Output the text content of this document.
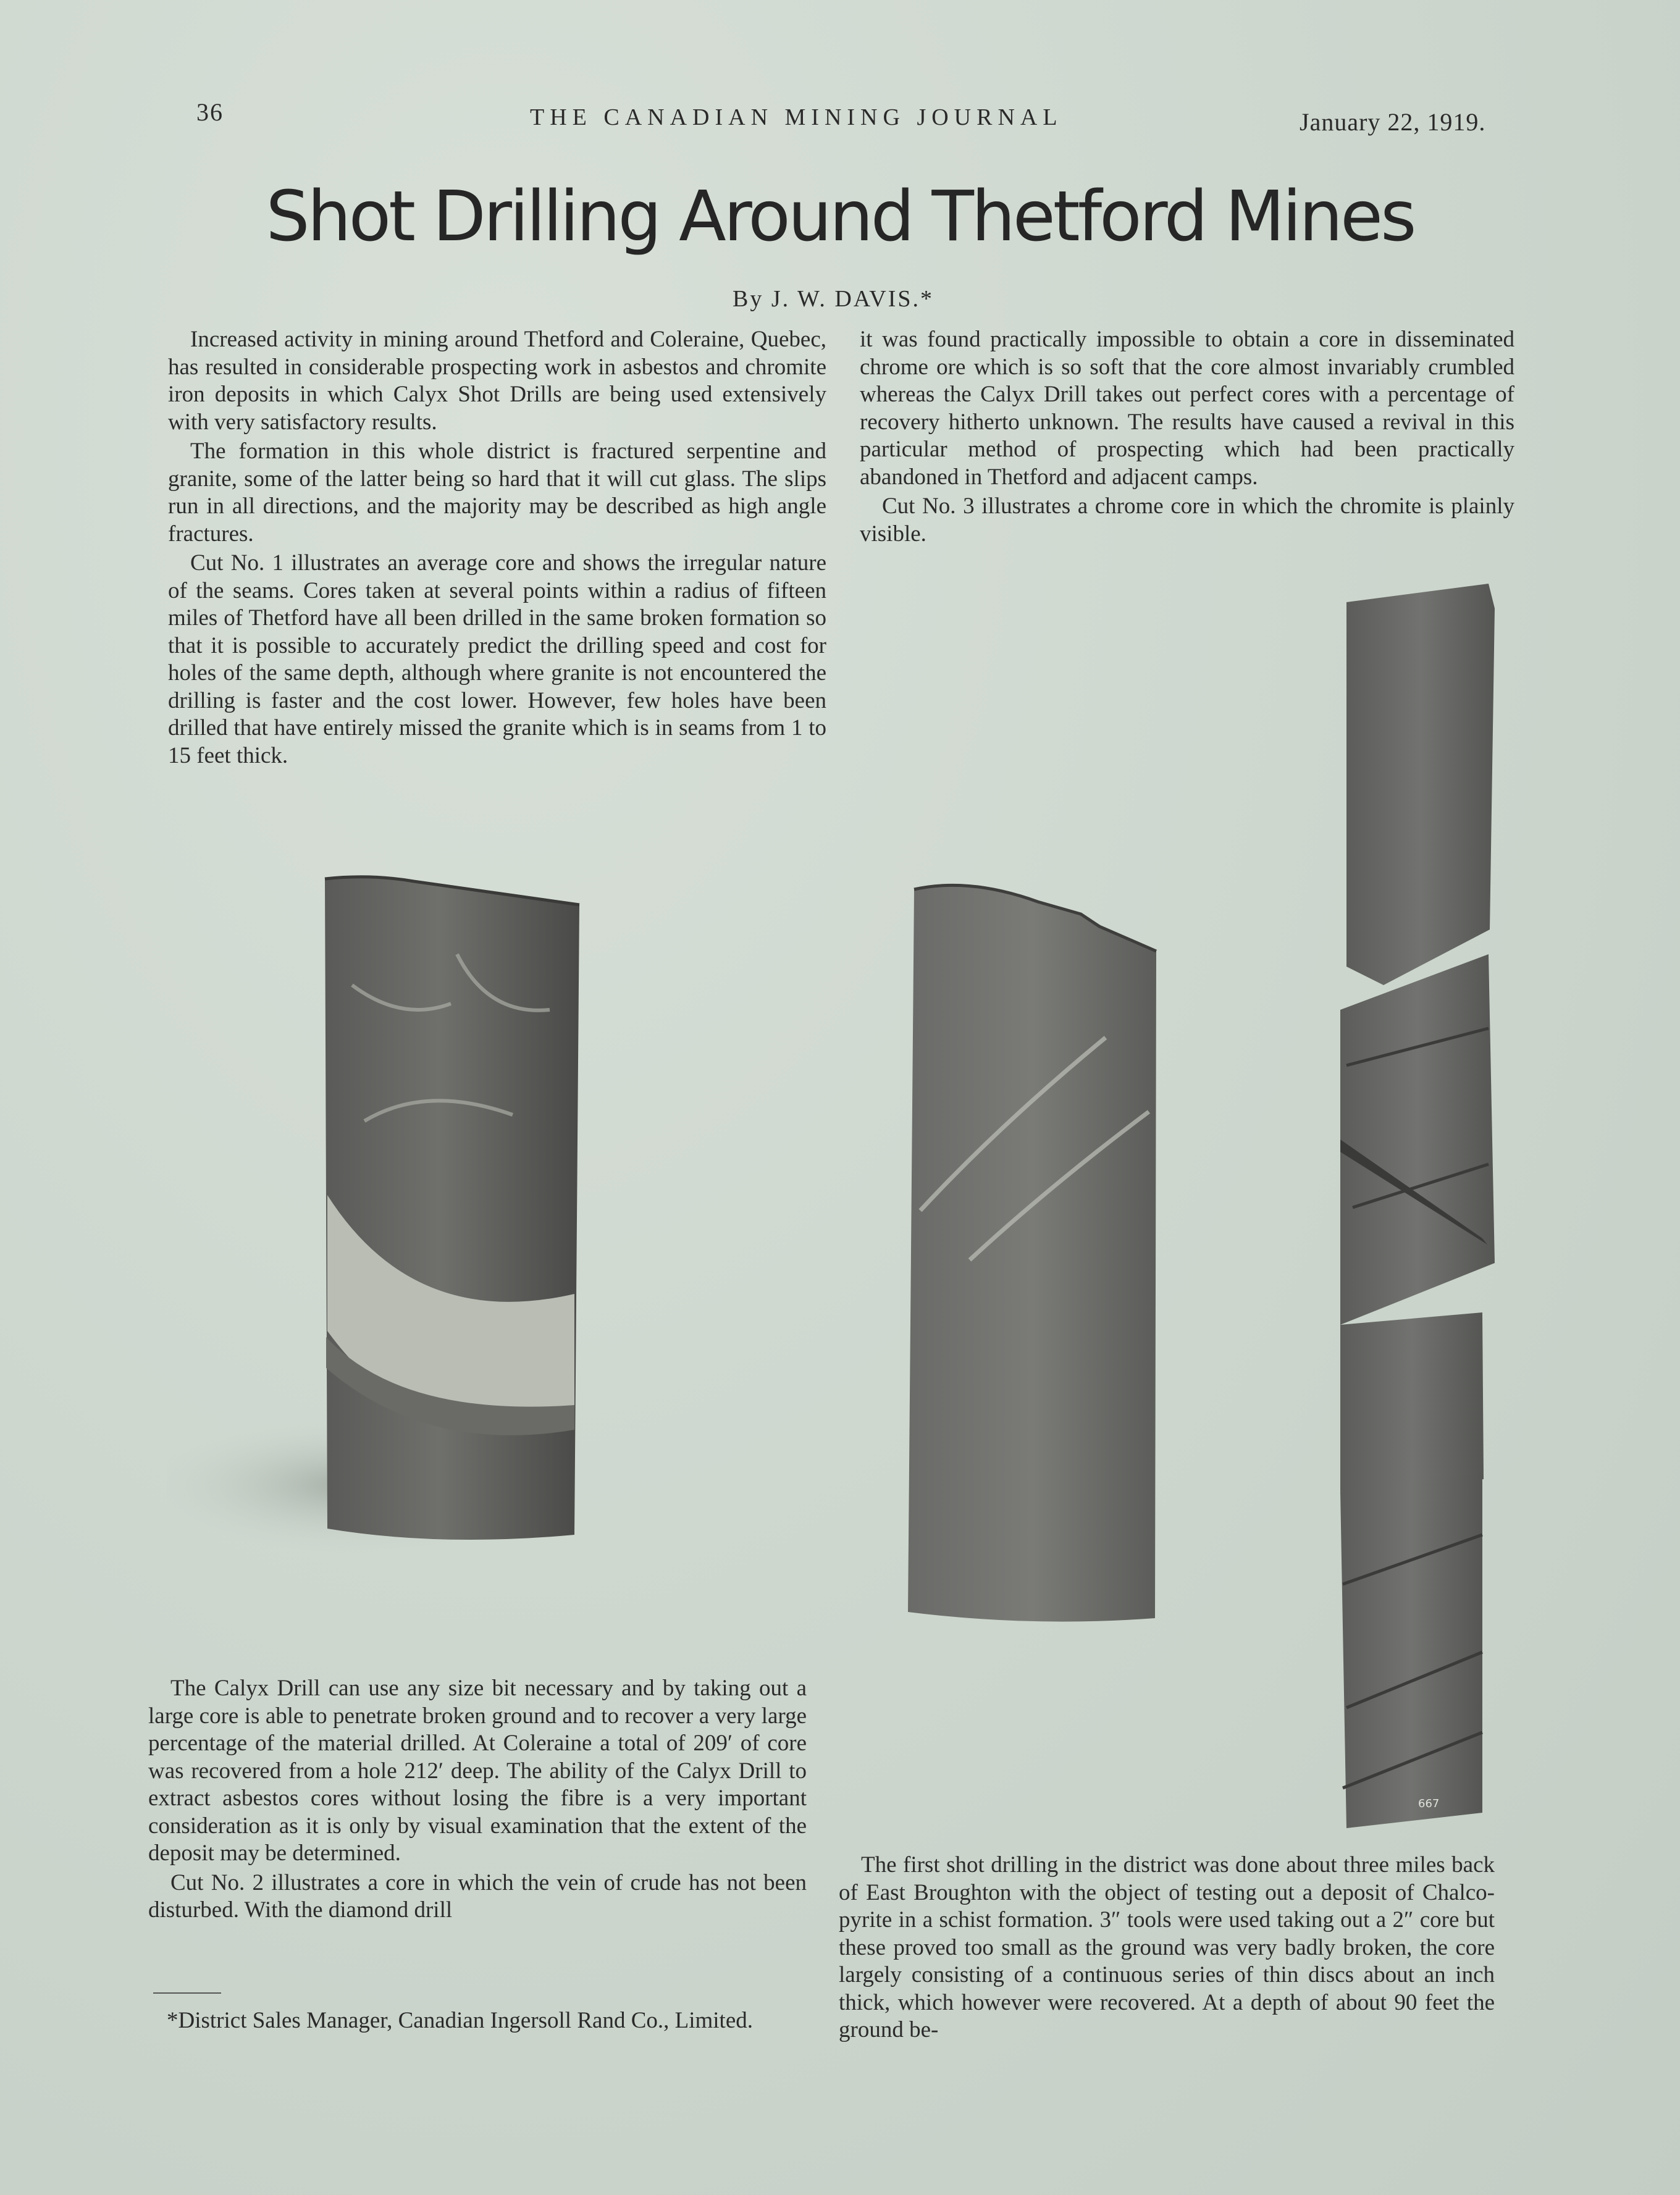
36	THE CANADIAN MINING JOURNAL	January 22, 1919.
Shot Drilling Around Thetford Mines
By J. W. DAVIS.*

Increased activity in mining around Thetford and Coleraine, Quebec, has resulted in considerable prospecting work in asbestos and chromite iron deposits in which Calyx Shot Drills are being used extensively with very satisfactory results.

The formation in this whole district is fractured serpentine and granite, some of the latter being so hard that it will cut glass. The slips run in all directions, and the majority may be described as high angle fractures.

Cut No. 1 illustrates an average core and shows the irregular nature of the seams. Cores taken at several points within a radius of fifteen miles of Thetford have all been drilled in the same broken formation so that it is possible to accurately predict the drilling speed and cost for holes of the same depth, although where granite is not encountered the drilling is faster and the cost lower. However, few holes have been drilled that have entirely missed the granite which is in seams from 1 to 15 feet thick.

it was found practically impossible to obtain a core in disseminated chrome ore which is so soft that the core almost invariably crumbled whereas the Calyx Drill takes out perfect cores with a percentage of recovery hitherto unknown. The results have caused a revival in this particular method of prospecting which had been practically abandoned in Thetford and adjacent camps.

Cut No. 3 illustrates a chrome core in which the chromite is plainly visible.

667

The Calyx Drill can use any size bit necessary and by taking out a large core is able to penetrate broken ground and to recover a very large percentage of the material drilled. At Coleraine a total of 209′ of core was recovered from a hole 212′ deep. The ability of the Calyx Drill to extract asbestos cores without losing the fibre is a very important consideration as it is only by visual examination that the extent of the deposit may be determined.

Cut No. 2 illustrates a core in which the vein of crude has not been disturbed. With the diamond drill

*District Sales Manager, Canadian Ingersoll Rand Co., Limited.

The first shot drilling in the district was done about three miles back of East Broughton with the object of testing out a deposit of Chalco-pyrite in a schist formation. 3″ tools were used taking out a 2″ core but these proved too small as the ground was very badly broken, the core largely consisting of a continuous series of thin discs about an inch thick, which however were recovered. At a depth of about 90 feet the ground be-
